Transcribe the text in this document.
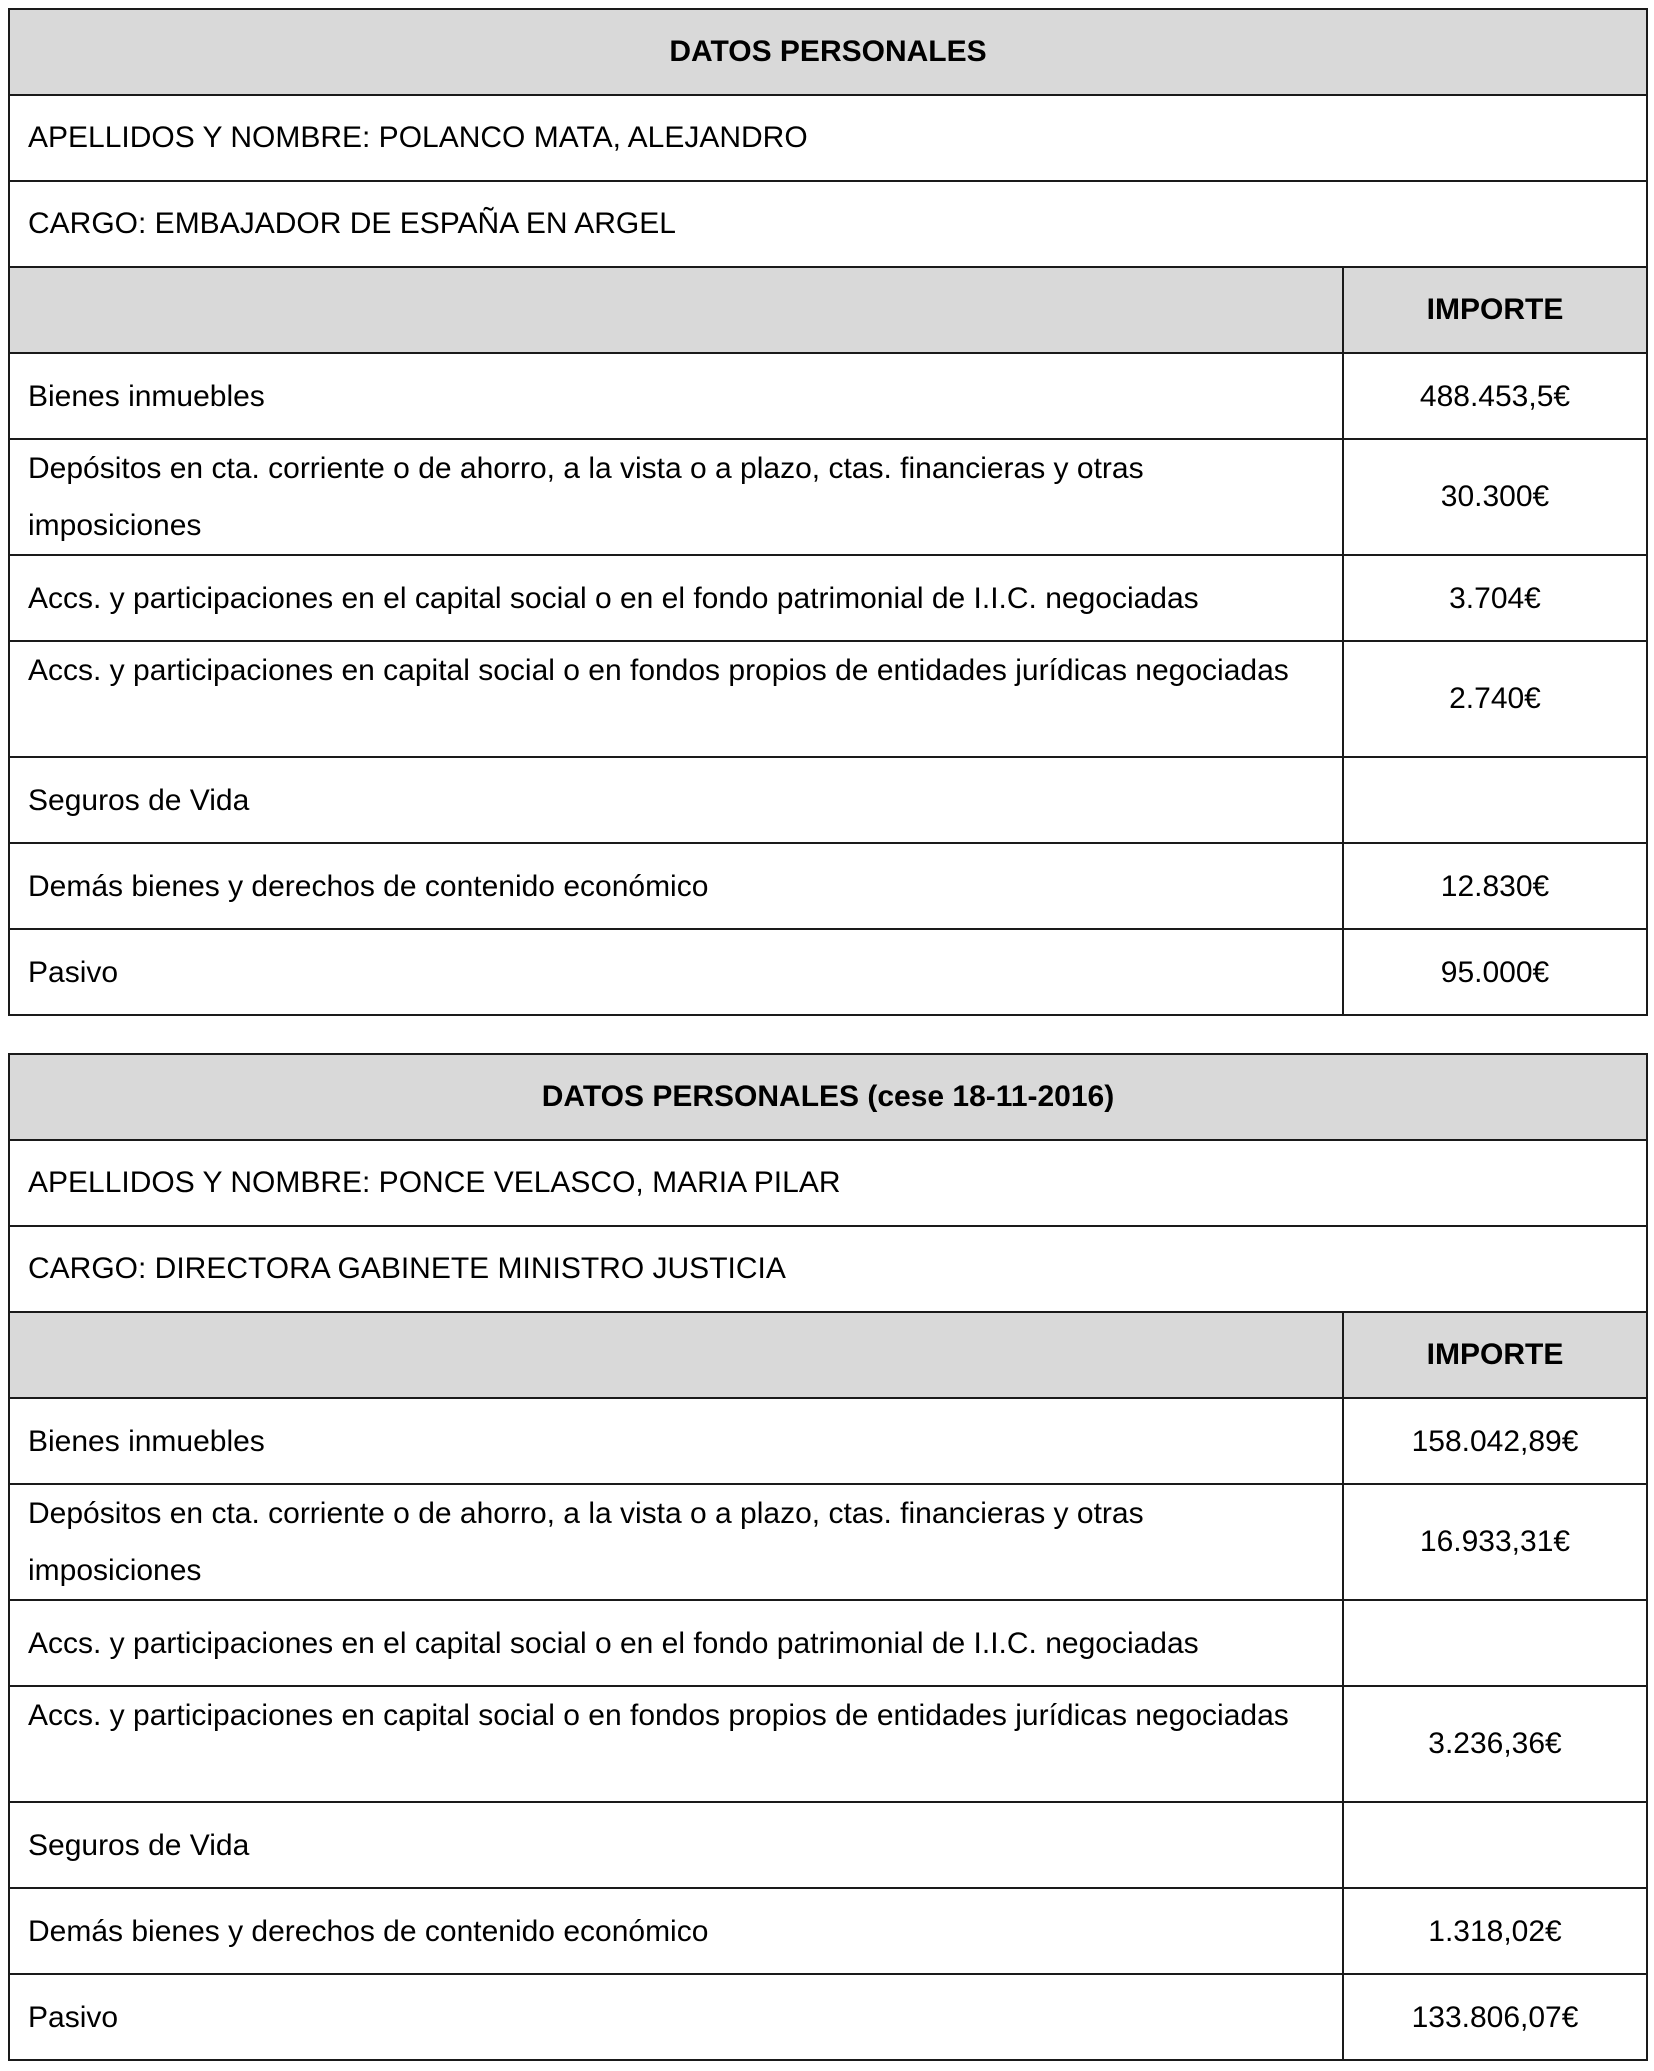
DATOS PERSONALES	
APELLIDOS Y NOMBRE: POLANCO MATA, ALEJANDRO	
CARGO: EMBAJADOR DE ESPAÑA EN ARGEL	
	IMPORTE
Bienes inmuebles	488.453,5€
Depósitos en cta. corriente o de ahorro, a la vista o a plazo, ctas. financieras y otras imposiciones	30.300€
Accs. y participaciones en el capital social o en el fondo patrimonial de I.I.C. negociadas	3.704€
Accs. y participaciones en capital social o en fondos propios de entidades jurídicas negociadas	2.740€
Seguros de Vida	
Demás bienes y derechos de contenido económico	12.830€
Pasivo	95.000€
DATOS PERSONALES (cese 18-11-2016)	
APELLIDOS Y NOMBRE: PONCE VELASCO, MARIA PILAR	
CARGO: DIRECTORA GABINETE MINISTRO JUSTICIA	
	IMPORTE
Bienes inmuebles	158.042,89€
Depósitos en cta. corriente o de ahorro, a la vista o a plazo, ctas. financieras y otras imposiciones	16.933,31€
Accs. y participaciones en el capital social o en el fondo patrimonial de I.I.C. negociadas	
Accs. y participaciones en capital social o en fondos propios de entidades jurídicas negociadas	3.236,36€
Seguros de Vida	
Demás bienes y derechos de contenido económico	1.318,02€
Pasivo	133.806,07€
